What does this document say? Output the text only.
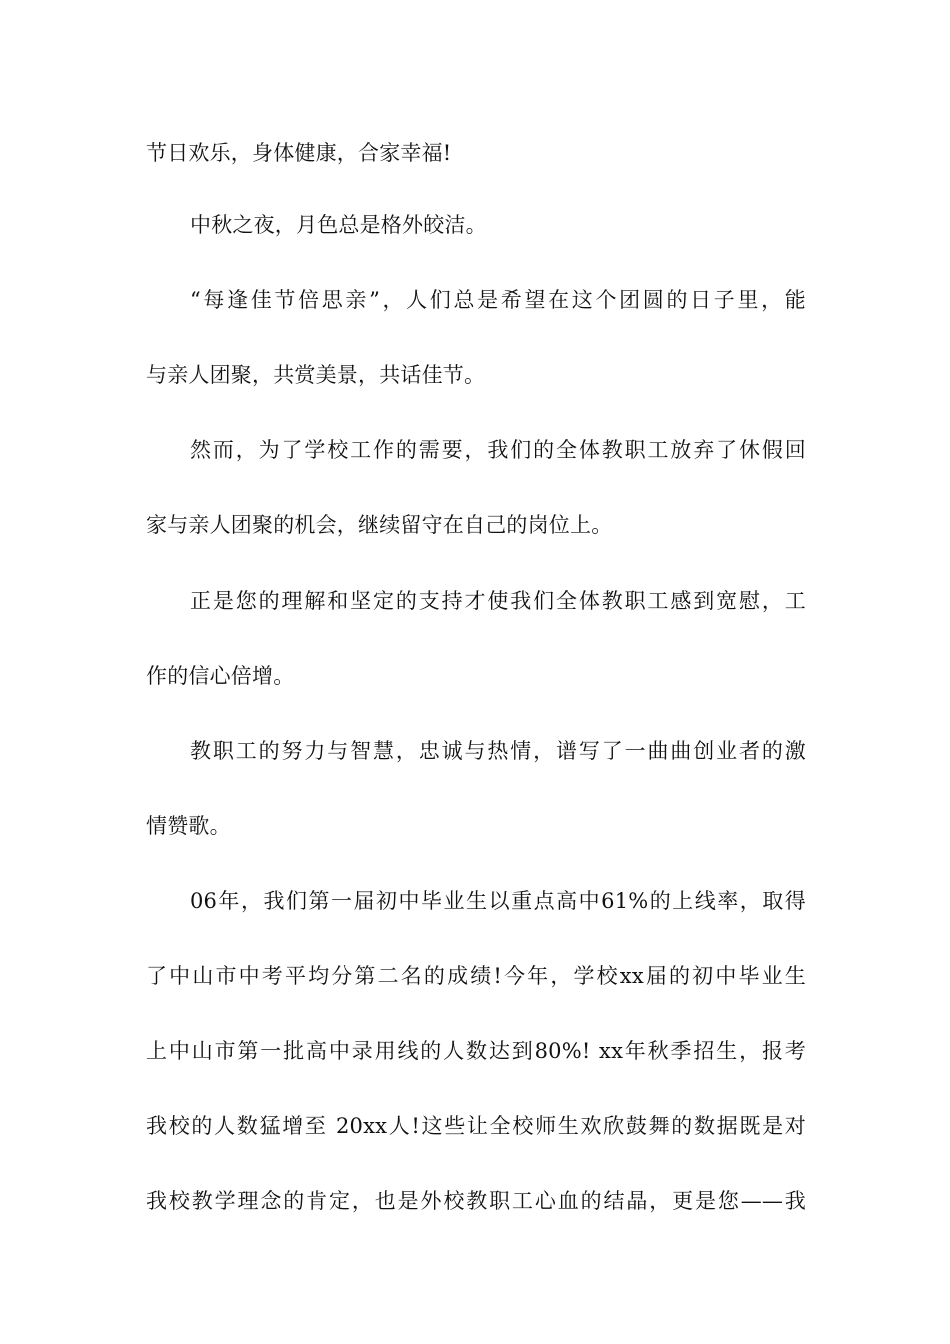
节日欢乐，身体健康，合家幸福!
中秋之夜，月色总是格外皎洁。
“每逢佳节倍思亲”，人们总是希望在这个团圆的日子里，能
与亲人团聚，共赏美景，共话佳节。
然而，为了学校工作的需要，我们的全体教职工放弃了休假回
家与亲人团聚的机会，继续留守在自己的岗位上。
正是您的理解和坚定的支持才使我们全体教职工感到宽慰，工
作的信心倍增。
教职工的努力与智慧，忠诚与热情，谱写了一曲曲创业者的激
情赞歌。
06年，我们第一届初中毕业生以重点高中61%的上线率，取得
了中山市中考平均分第二名的成绩!今年，学校xx届的初中毕业生
上中山市第一批高中录用线的人数达到80%! xx年秋季招生，报考
我校的人数猛增至 20xx人!这些让全校师生欢欣鼓舞的数据既是对
我校教学理念的肯定，也是外校教职工心血的结晶，更是您——我
